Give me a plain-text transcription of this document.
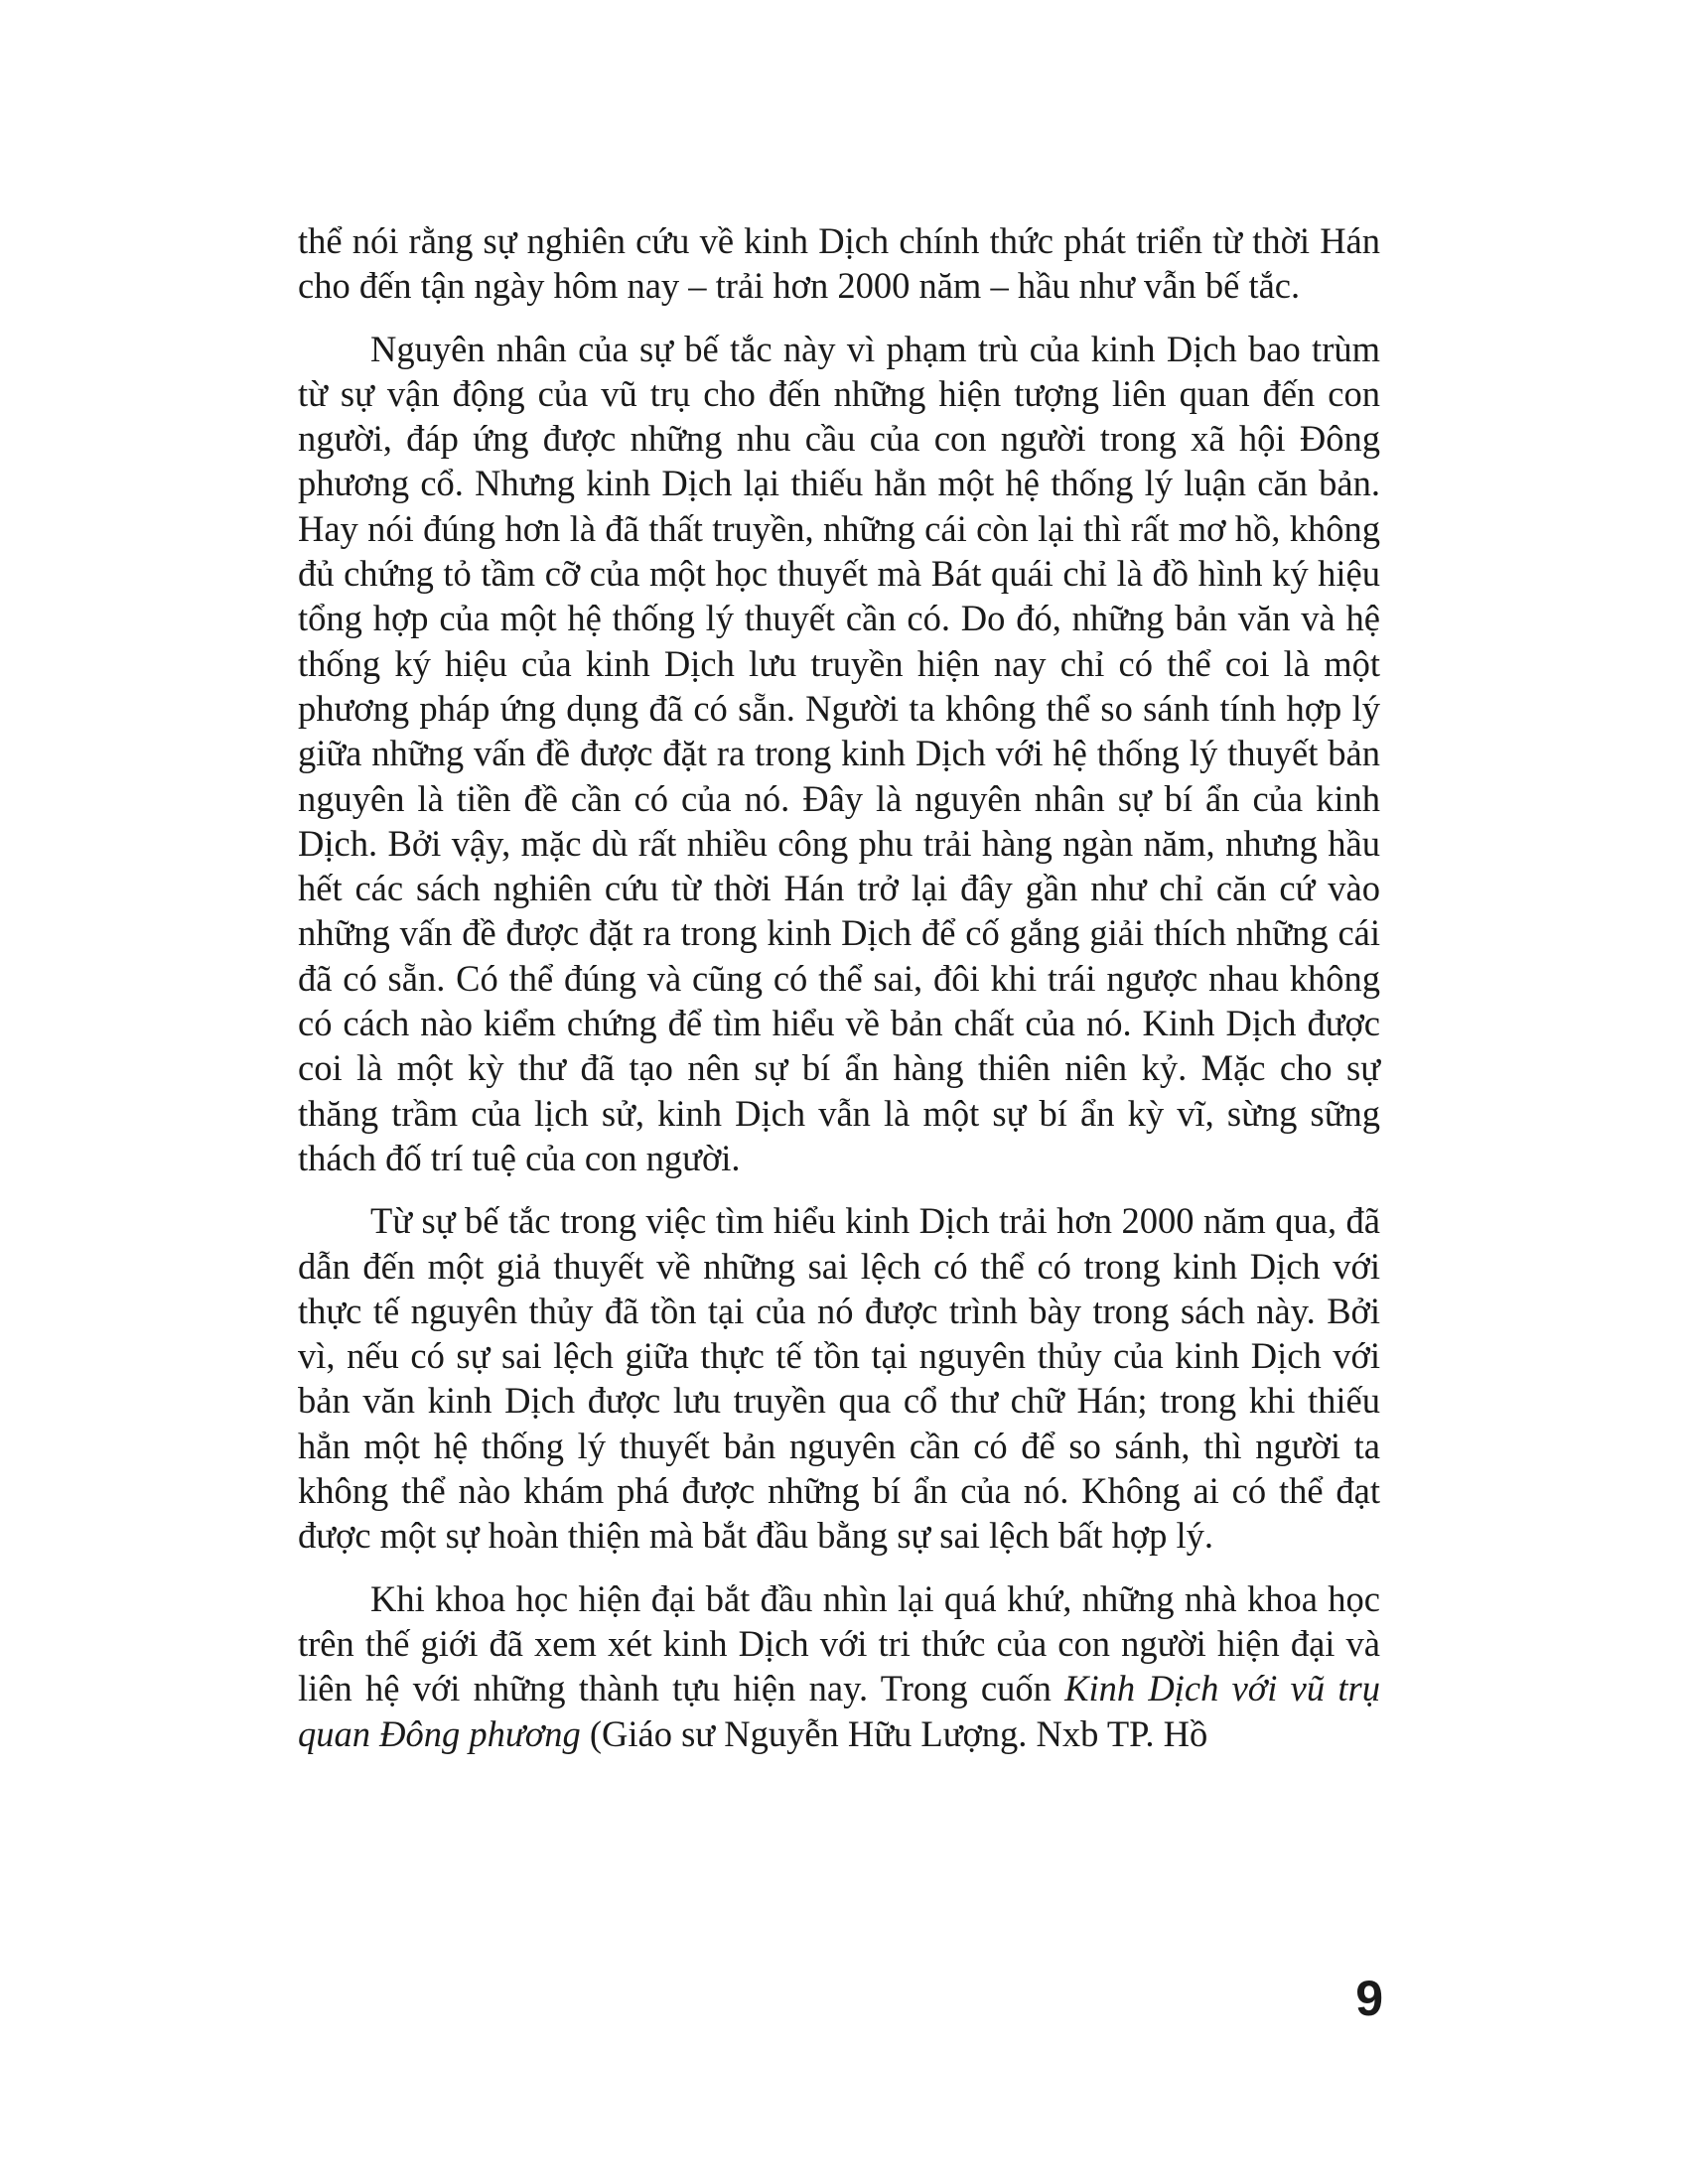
thể nói rằng sự nghiên cứu về kinh Dịch chính thức phát triển từ thời Hán cho đến tận ngày hôm nay – trải hơn 2000 năm – hầu như vẫn bế tắc.

Nguyên nhân của sự bế tắc này vì phạm trù của kinh Dịch bao trùm từ sự vận động của vũ trụ cho đến những hiện tượng liên quan đến con người, đáp ứng được những nhu cầu của con người trong xã hội Đông phương cổ. Nhưng kinh Dịch lại thiếu hẳn một hệ thống lý luận căn bản. Hay nói đúng hơn là đã thất truyền, những cái còn lại thì rất mơ hồ, không đủ chứng tỏ tầm cỡ của một học thuyết mà Bát quái chỉ là đồ hình ký hiệu tổng hợp của một hệ thống lý thuyết cần có. Do đó, những bản văn và hệ thống ký hiệu của kinh Dịch lưu truyền hiện nay chỉ có thể coi là một phương pháp ứng dụng đã có sẵn. Người ta không thể so sánh tính hợp lý giữa những vấn đề được đặt ra trong kinh Dịch với hệ thống lý thuyết bản nguyên là tiền đề cần có của nó. Đây là nguyên nhân sự bí ẩn của kinh Dịch. Bởi vậy, mặc dù rất nhiều công phu trải hàng ngàn năm, nhưng hầu hết các sách nghiên cứu từ thời Hán trở lại đây gần như chỉ căn cứ vào những vấn đề được đặt ra trong kinh Dịch để cố gắng giải thích những cái đã có sẵn. Có thể đúng và cũng có thể sai, đôi khi trái ngược nhau không có cách nào kiểm chứng để tìm hiểu về bản chất của nó. Kinh Dịch được coi là một kỳ thư đã tạo nên sự bí ẩn hàng thiên niên kỷ. Mặc cho sự thăng trầm của lịch sử, kinh Dịch vẫn là một sự bí ẩn kỳ vĩ, sừng sững thách đố trí tuệ của con người.

Từ sự bế tắc trong việc tìm hiểu kinh Dịch trải hơn 2000 năm qua, đã dẫn đến một giả thuyết về những sai lệch có thể có trong kinh Dịch với thực tế nguyên thủy đã tồn tại của nó được trình bày trong sách này. Bởi vì, nếu có sự sai lệch giữa thực tế tồn tại nguyên thủy của kinh Dịch với bản văn kinh Dịch được lưu truyền qua cổ thư chữ Hán; trong khi thiếu hẳn một hệ thống lý thuyết bản nguyên cần có để so sánh, thì người ta không thể nào khám phá được những bí ẩn của nó. Không ai có thể đạt được một sự hoàn thiện mà bắt đầu bằng sự sai lệch bất hợp lý.

Khi khoa học hiện đại bắt đầu nhìn lại quá khứ, những nhà khoa học trên thế giới đã xem xét kinh Dịch với tri thức của con người hiện đại và liên hệ với những thành tựu hiện nay. Trong cuốn Kinh Dịch với vũ trụ quan Đông phương (Giáo sư Nguyễn Hữu Lượng. Nxb TP. Hồ

9
